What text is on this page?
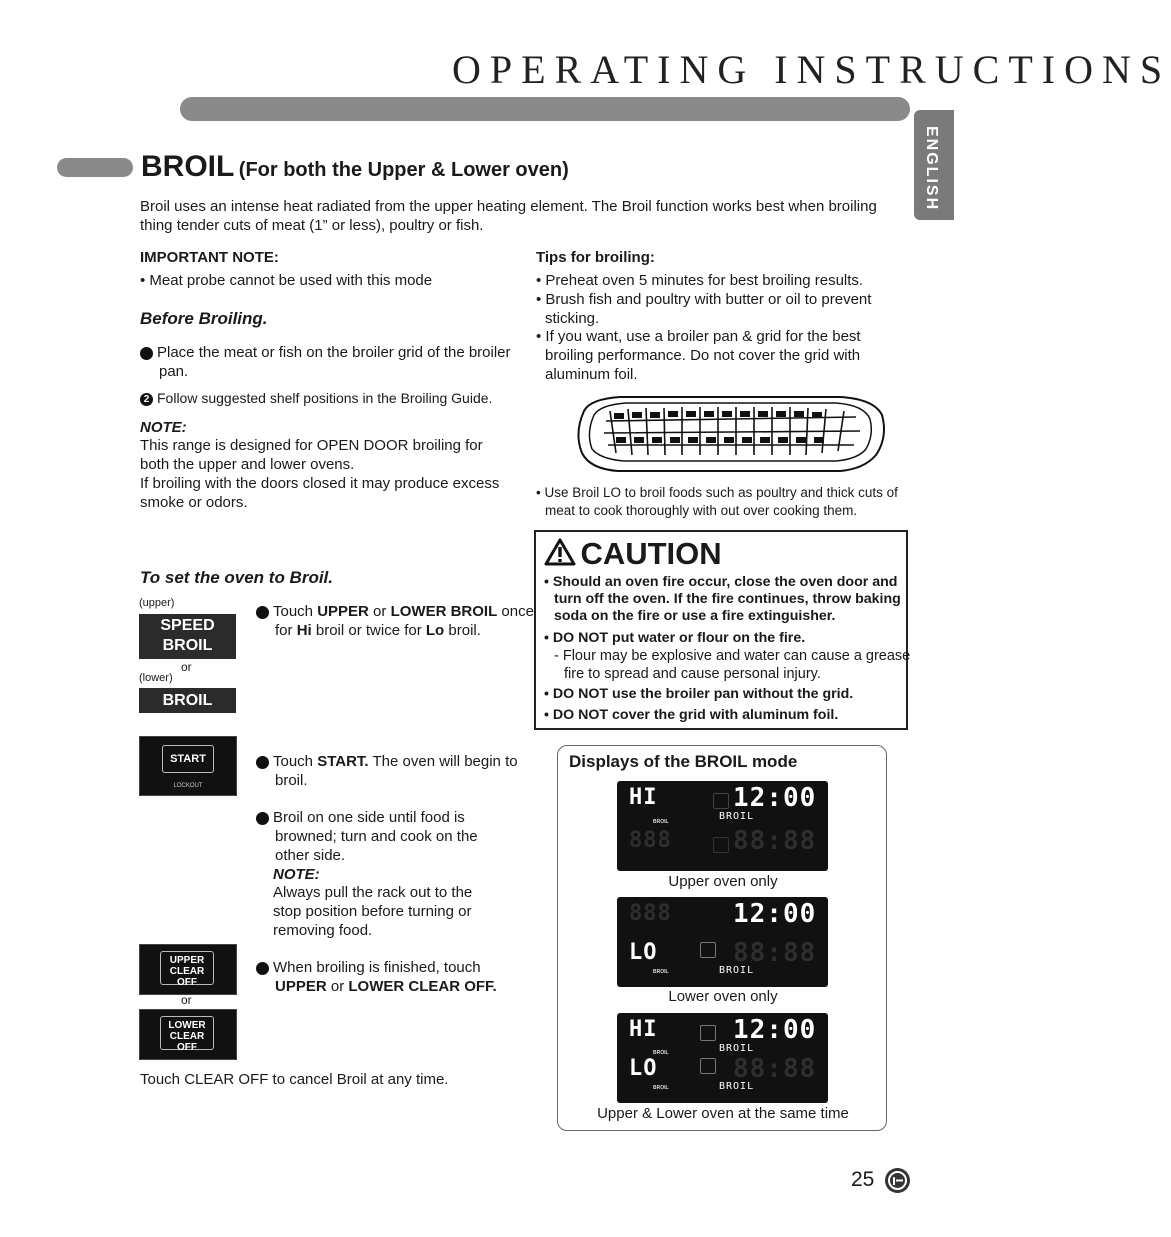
OPERATING INSTRUCTIONS
ENGLISH
BROIL (For both the Upper & Lower oven)
Broil uses an intense heat radiated from the upper heating element. The Broil function works best when broiling thing tender cuts of meat (1” or less), poultry or fish.
IMPORTANT NOTE:
• Meat probe cannot be used with this mode
Before Broiling.
1 Place the meat or fish on the broiler grid of the broiler pan.
2 Follow suggested shelf positions in the Broiling Guide.
NOTE:
This range is designed for OPEN DOOR broiling for both the upper and lower ovens.
If broiling with the doors closed it may produce excess smoke or odors.
Tips for broiling:
• Preheat oven 5 minutes for best broiling results.
• Brush fish and poultry with butter or oil to prevent sticking.
• If you want, use a broiler pan & grid for the best broiling performance. Do not cover the grid with aluminum foil.
• Use Broil LO to broil foods such as poultry and thick cuts of meat to cook thoroughly with out over cooking them.
CAUTION
• Should an oven fire occur, close the oven door and turn off the oven. If the fire continues, throw baking soda on the fire or use a fire extinguisher.
• DO NOT put water or flour on the fire.
- Flour may be explosive and water can cause a grease fire to spread and cause personal injury.
• DO NOT use the broiler pan without the grid.
• DO NOT cover the grid with aluminum foil.
To set the oven to Broil.
(upper)
SPEED
BROIL
or
(lower)
BROIL
1 Touch UPPER or LOWER BROIL once for Hi broil or twice for Lo broil.
START
LOCKOUT
2 Touch START. The oven will begin to broil.
3 Broil on one side until food is browned; turn and cook on the other side.
NOTE:
Always pull the rack out to the stop position before turning or removing food.
UPPER
CLEAR OFF
or
LOWER
CLEAR OFF
4 When broiling is finished, touch UPPER or LOWER CLEAR OFF.
Touch CLEAR OFF to cancel Broil at any time.
Displays of the BROIL mode
HI	12:00
BROIL
BROIL
888 88:88
Upper oven only
888 12:00
LO	88:88
BROIL
BROIL
Lower oven only
HI	12:00
BROIL
BROIL
LO	88:88
BROIL
BROIL
Upper & Lower oven at the same time
25
